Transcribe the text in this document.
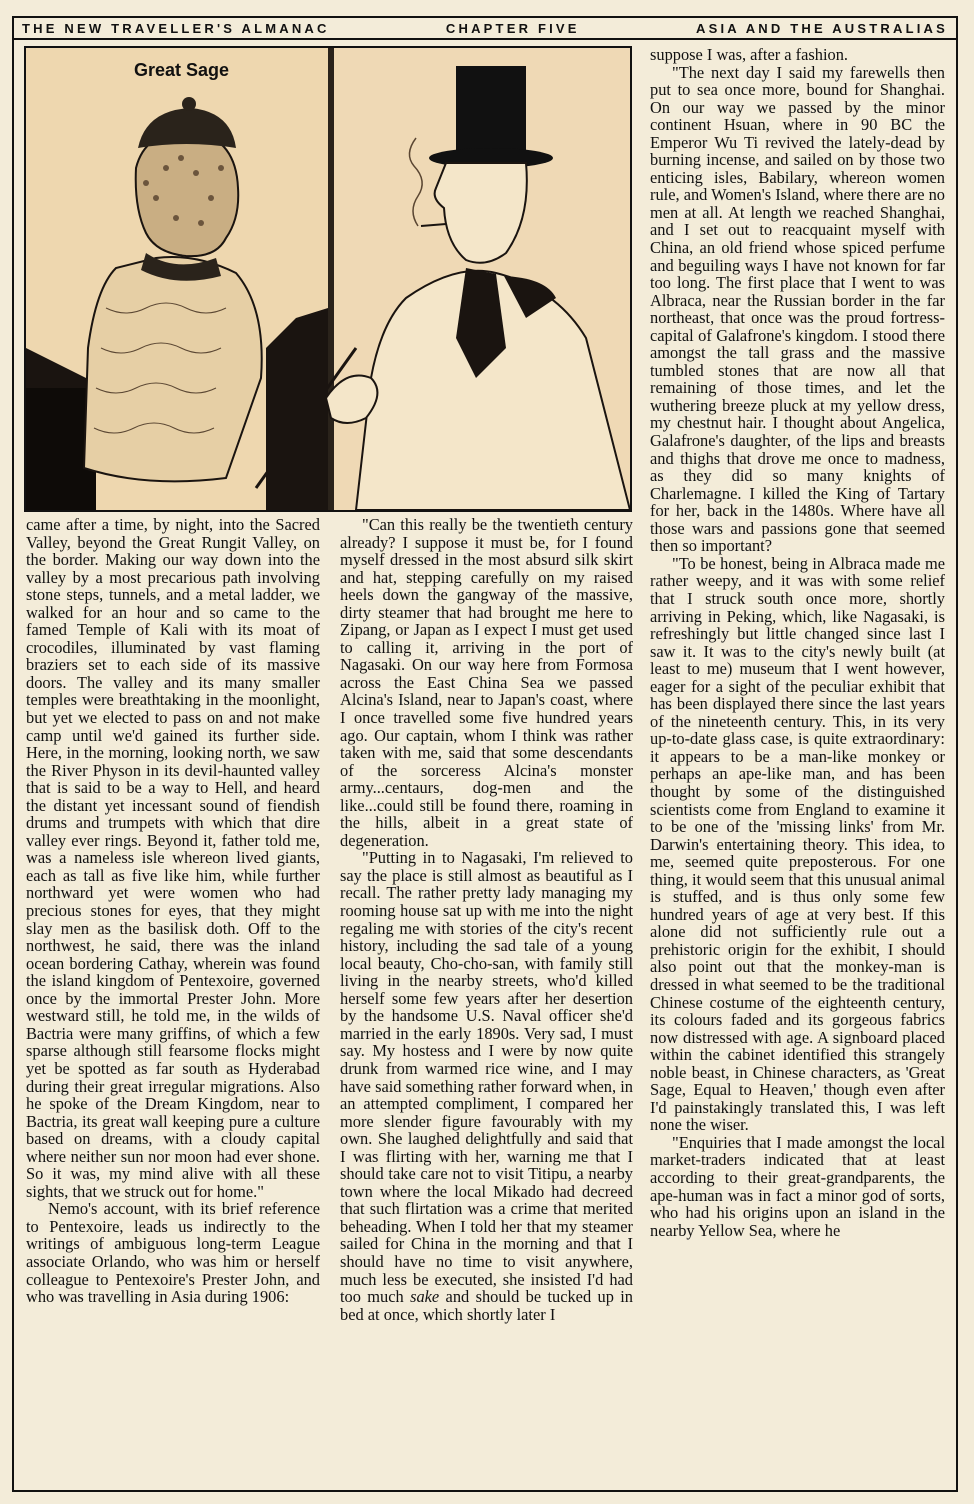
THE NEW TRAVELLER'S ALMANAC	CHAPTER FIVE	ASIA AND THE AUSTRALIAS
Great Sage

came after a time, by night, into the Sacred Valley, beyond the Great Rungit Valley, on the border. Making our way down into the valley by a most precarious path involving stone steps, tunnels, and a metal ladder, we walked for an hour and so came to the famed Temple of Kali with its moat of crocodiles, illuminated by vast flaming braziers set to each side of its massive doors. The valley and its many smaller temples were breathtaking in the moonlight, but yet we elected to pass on and not make camp until we'd gained its further side. Here, in the morning, looking north, we saw the River Physon in its devil-haunted valley that is said to be a way to Hell, and heard the distant yet incessant sound of fiendish drums and trumpets with which that dire valley ever rings. Beyond it, father told me, was a nameless isle whereon lived giants, each as tall as five like him, while further northward yet were women who had precious stones for eyes, that they might slay men as the basilisk doth. Off to the northwest, he said, there was the inland ocean bordering Cathay, wherein was found the island kingdom of Pentexoire, governed once by the immortal Prester John. More westward still, he told me, in the wilds of Bactria were many griffins, of which a few sparse although still fearsome flocks might yet be spotted as far south as Hyderabad during their great irregular migrations. Also he spoke of the Dream Kingdom, near to Bactria, its great wall keeping pure a culture based on dreams, with a cloudy capital where neither sun nor moon had ever shone. So it was, my mind alive with all these sights, that we struck out for home."

Nemo's account, with its brief reference to Pentexoire, leads us indirectly to the writings of ambiguous long-term League associate Orlando, who was him or herself colleague to Pentexoire's Prester John, and who was travelling in Asia during 1906:

"Can this really be the twentieth century already? I suppose it must be, for I found myself dressed in the most absurd silk skirt and hat, stepping carefully on my raised heels down the gangway of the massive, dirty steamer that had brought me here to Zipang, or Japan as I expect I must get used to calling it, arriving in the port of Nagasaki. On our way here from Formosa across the East China Sea we passed Alcina's Island, near to Japan's coast, where I once travelled some five hundred years ago. Our captain, whom I think was rather taken with me, said that some descendants of the sorceress Alcina's monster army...centaurs, dog-men and the like...could still be found there, roaming in the hills, albeit in a great state of degeneration.

"Putting in to Nagasaki, I'm relieved to say the place is still almost as beautiful as I recall. The rather pretty lady managing my rooming house sat up with me into the night regaling me with stories of the city's recent history, including the sad tale of a young local beauty, Cho-cho-san, with family still living in the nearby streets, who'd killed herself some few years after her desertion by the handsome U.S. Naval officer she'd married in the early 1890s. Very sad, I must say. My hostess and I were by now quite drunk from warmed rice wine, and I may have said something rather forward when, in an attempted compliment, I compared her more slender figure favourably with my own. She laughed delightfully and said that I was flirting with her, warning me that I should take care not to visit Titipu, a nearby town where the local Mikado had decreed that such flirtation was a crime that merited beheading. When I told her that my steamer sailed for China in the morning and that I should have no time to visit anywhere, much less be executed, she insisted I'd had too much sake and should be tucked up in bed at once, which shortly later I

suppose I was, after a fashion.

"The next day I said my farewells then put to sea once more, bound for Shanghai. On our way we passed by the minor continent Hsuan, where in 90 BC the Emperor Wu Ti revived the lately-dead by burning incense, and sailed on by those two enticing isles, Babilary, whereon women rule, and Women's Island, where there are no men at all. At length we reached Shanghai, and I set out to reacquaint myself with China, an old friend whose spiced perfume and beguiling ways I have not known for far too long. The first place that I went to was Albraca, near the Russian border in the far northeast, that once was the proud fortress-capital of Galafrone's kingdom. I stood there amongst the tall grass and the massive tumbled stones that are now all that remaining of those times, and let the wuthering breeze pluck at my yellow dress, my chestnut hair. I thought about Angelica, Galafrone's daughter, of the lips and breasts and thighs that drove me once to madness, as they did so many knights of Charlemagne. I killed the King of Tartary for her, back in the 1480s. Where have all those wars and passions gone that seemed then so important?

"To be honest, being in Albraca made me rather weepy, and it was with some relief that I struck south once more, shortly arriving in Peking, which, like Nagasaki, is refreshingly but little changed since last I saw it. It was to the city's newly built (at least to me) museum that I went however, eager for a sight of the peculiar exhibit that has been displayed there since the last years of the nineteenth century. This, in its very up-to-date glass case, is quite extraordinary: it appears to be a man-like monkey or perhaps an ape-like man, and has been thought by some of the distinguished scientists come from England to examine it to be one of the 'missing links' from Mr. Darwin's entertaining theory. This idea, to me, seemed quite preposterous. For one thing, it would seem that this unusual animal is stuffed, and is thus only some few hundred years of age at very best. If this alone did not sufficiently rule out a prehistoric origin for the exhibit, I should also point out that the monkey-man is dressed in what seemed to be the traditional Chinese costume of the eighteenth century, its colours faded and its gorgeous fabrics now distressed with age. A signboard placed within the cabinet identified this strangely noble beast, in Chinese characters, as 'Great Sage, Equal to Heaven,' though even after I'd painstakingly translated this, I was left none the wiser.

"Enquiries that I made amongst the local market-traders indicated that at least according to their great-grandparents, the ape-human was in fact a minor god of sorts, who had his origins upon an island in the nearby Yellow Sea, where he
